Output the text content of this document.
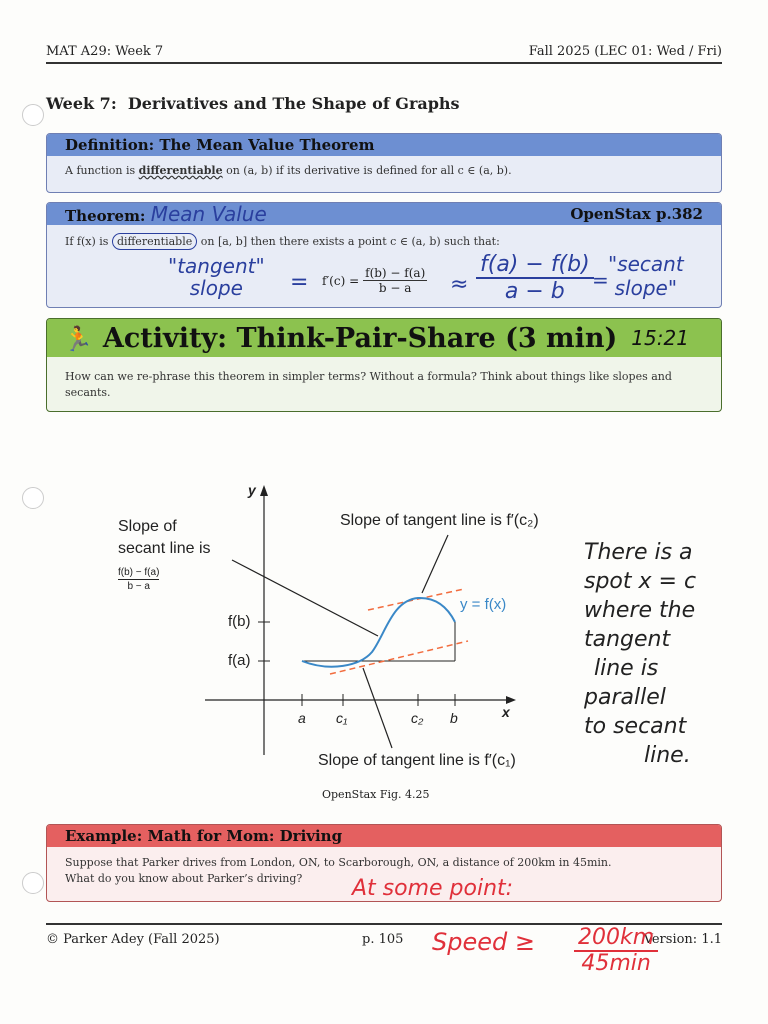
MAT A29: Week 7	Fall 2025 (LEC 01: Wed / Fri)
Week 7:  Derivatives and The Shape of Graphs
Definition: The Mean Value Theorem
A function is differentiable on (a, b) if its derivative is defined for all c ∈ (a, b).
Theorem: Mean Value	OpenStax p.382
If f(x) is differentiable on [a, b] then there exists a point c ∈ (a, b) such that:
"tangent"
slope	= $f'(c) = \frac{f(b) - f(a)}{b - a}$ ≈
f(a) − f(b)
a − b	=
"secant
slope"
🏃 Activity: Think-Pair-Share (3 min) 15:21
How can we re-phrase this theorem in simpler terms? Without a formula? Think about things like slopes and secants.
Slope of
secant line is
$\frac{f(b) - f(a)}{b - a}$
Slope of tangent line is f′(c₂)
Slope of tangent line is f′(c₁)
y = f(x)
f(b)
f(a)
y
x
a c₁	c₂ b
OpenStax Fig. 4.25
There is a
spot x = c
where the
tangent
line is
parallel
to secant
line.
Example: Math for Mom: Driving
Suppose that Parker drives from London, ON, to Scarborough, ON, a distance of 200km in 45min.
What do you know about Parker’s driving?	At some point:
© Parker Adey (Fall 2025)	p. 105	Version: 1.1
Speed ≥ 200km
45min
